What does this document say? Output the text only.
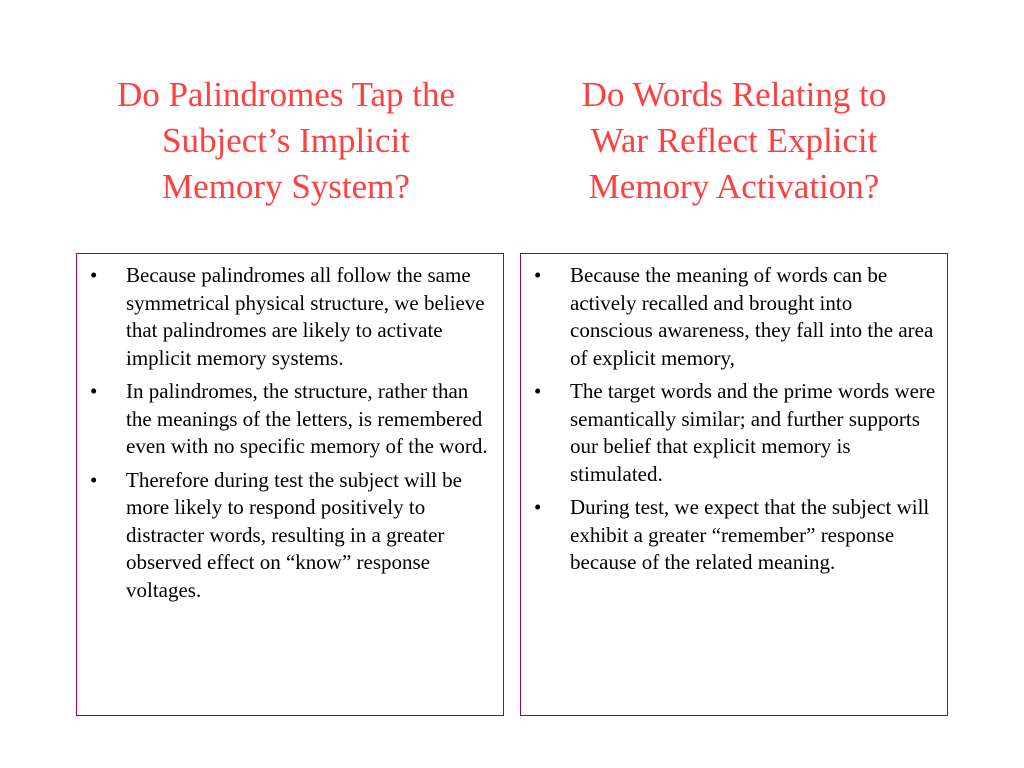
Do Palindromes Tap the
Subject’s Implicit
Memory System?
Do Words Relating to
War Reflect Explicit
Memory Activation?
• Because palindromes all follow the same symmetrical physical structure, we believe that palindromes are likely to activate implicit memory systems.
• In palindromes, the structure, rather than the meanings of the letters, is remembered even with no specific memory of the word.
• Therefore during test the subject will be more likely to respond positively to distracter words, resulting in a greater observed effect on “know” response voltages.
• Because the meaning of words can be actively recalled and brought into conscious awareness, they fall into the area of explicit memory,
• The target words and the prime words were semantically similar; and further supports our belief that explicit memory is stimulated.
• During test, we expect that the subject will exhibit a greater “remember” response because of the related meaning.
